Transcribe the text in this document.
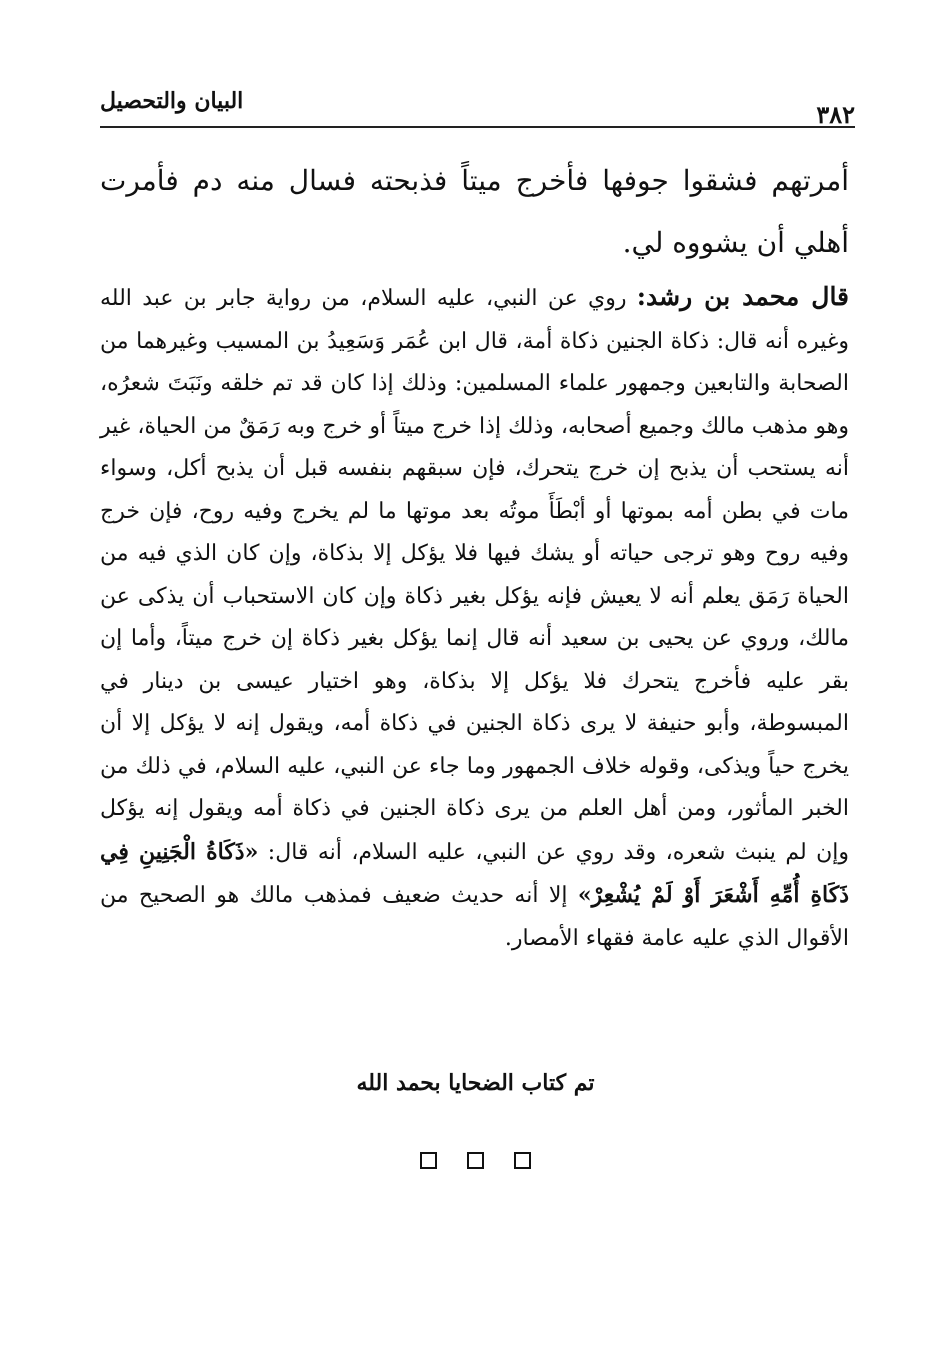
٣٨٢
البيان والتحصيل

أمرتهم فشقوا جوفها فأخرج ميتاً فذبحته فسال منه دم فأمرت أهلي أن يشووه لي.

قال محمد بن رشد: روي عن النبي، عليه السلام، من رواية جابر بن عبد الله وغيره أنه قال: ذكاة الجنين ذكاة أمة، قال ابن عُمَر وَسَعِيدُ بن المسيب وغيرهما من الصحابة والتابعين وجمهور علماء المسلمين: وذلك إذا كان قد تم خلقه ونَبَتَ شعرُه، وهو مذهب مالك وجميع أصحابه، وذلك إذا خرج ميتاً أو خرج وبه رَمَقٌ من الحياة، غير أنه يستحب أن يذبح إن خرج يتحرك، فإن سبقهم بنفسه قبل أن يذبح أكل، وسواء مات في بطن أمه بموتها أو أبْطَأَ موتُه بعد موتها ما لم يخرج وفيه روح، فإن خرج وفيه روح وهو ترجى حياته أو يشك فيها فلا يؤكل إلا بذكاة، وإن كان الذي فيه من الحياة رَمَق يعلم أنه لا يعيش فإنه يؤكل بغير ذكاة وإن كان الاستحباب أن يذكى عن مالك، وروي عن يحيى بن سعيد أنه قال إنما يؤكل بغير ذكاة إن خرج ميتاً، وأما إن بقر عليه فأخرج يتحرك فلا يؤكل إلا بذكاة، وهو اختيار عيسى بن دينار في المبسوطة، وأبو حنيفة لا يرى ذكاة الجنين في ذكاة أمه، ويقول إنه لا يؤكل إلا أن يخرج حياً ويذكى، وقوله خلاف الجمهور وما جاء عن النبي، عليه السلام، في ذلك من الخبر المأثور، ومن أهل العلم من يرى ذكاة الجنين في ذكاة أمه ويقول إنه يؤكل وإن لم ينبث شعره، وقد روي عن النبي، عليه السلام، أنه قال: «ذَكَاةُ الْجَنِينِ فِي ذَكَاةِ أُمِّهِ أَشْعَرَ أَوْ لَمْ يُشْعِرْ» إلا أنه حديث ضعيف فمذهب مالك هو الصحيح من الأقوال الذي عليه عامة فقهاء الأمصار.

تم كتاب الضحايا بحمد الله
